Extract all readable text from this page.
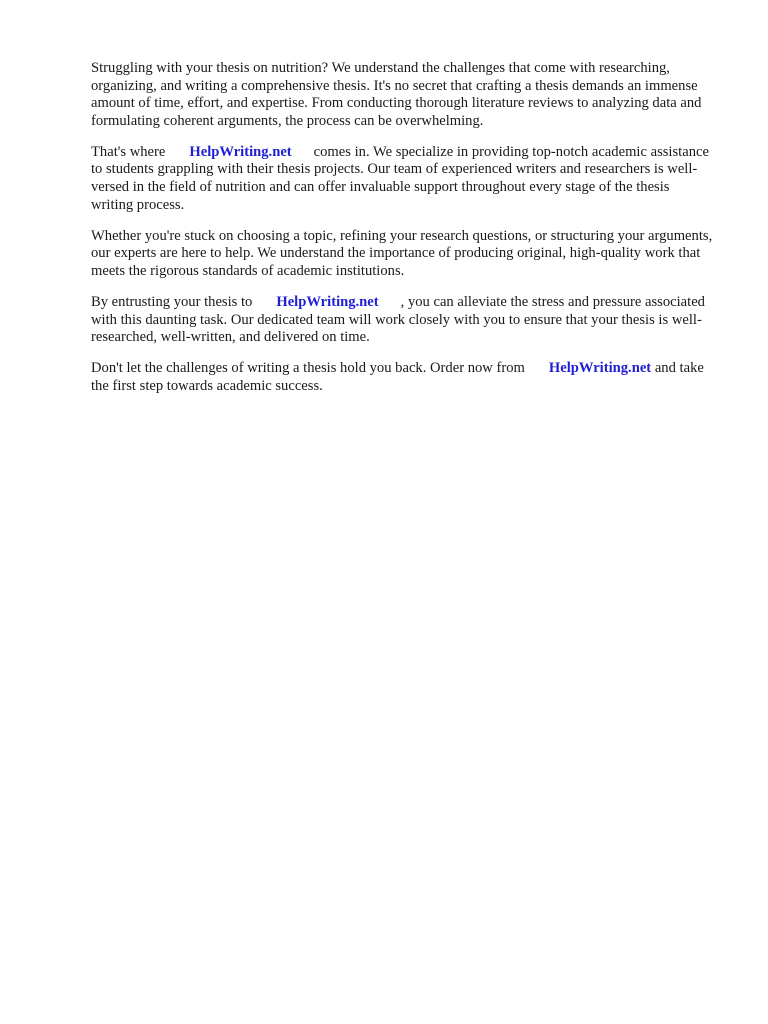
Struggling with your thesis on nutrition? We understand the challenges that come with researching, organizing, and writing a comprehensive thesis. It's no secret that crafting a thesis demands an immense amount of time, effort, and expertise. From conducting thorough literature reviews to analyzing data and formulating coherent arguments, the process can be overwhelming.

That's where HelpWriting.net comes in. We specialize in providing top-notch academic assistance to students grappling with their thesis projects. Our team of experienced writers and researchers is well-versed in the field of nutrition and can offer invaluable support throughout every stage of the thesis writing process.

Whether you're stuck on choosing a topic, refining your research questions, or structuring your arguments, our experts are here to help. We understand the importance of producing original, high-quality work that meets the rigorous standards of academic institutions.

By entrusting your thesis to HelpWriting.net , you can alleviate the stress and pressure associated with this daunting task. Our dedicated team will work closely with you to ensure that your thesis is well-researched, well-written, and delivered on time.

Don't let the challenges of writing a thesis hold you back. Order now from HelpWriting.net and take the first step towards academic success.
